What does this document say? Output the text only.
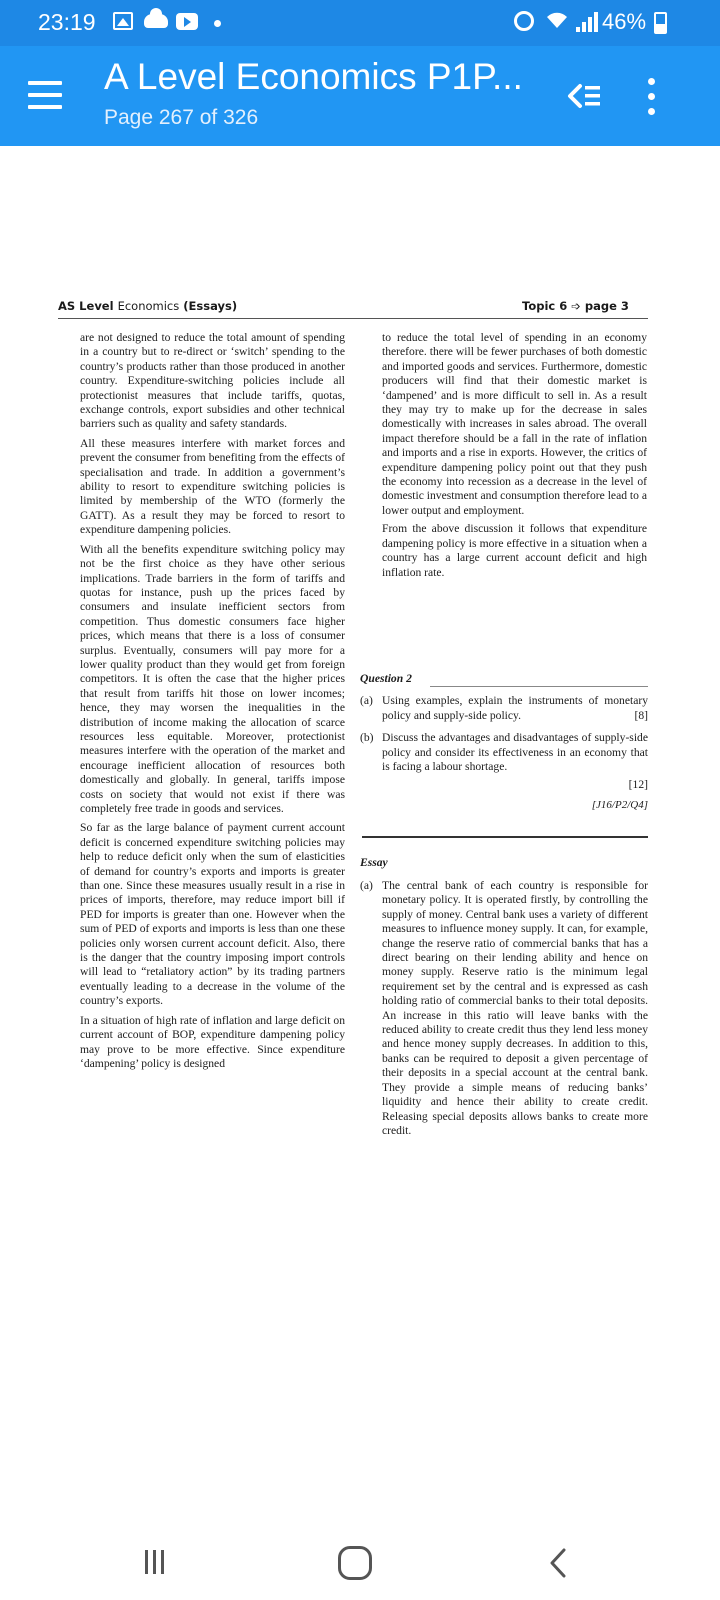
23:19	46%
A Level Economics P1P...
Page 267 of 326
AS Level Economics (Essays)	Topic 6 ➩ page 3

are not designed to reduce the total amount of spending in a country but to re-direct or ‘switch’ spending to the country’s products rather than those produced in another country. Expenditure-switching policies include all protectionist measures that include tariffs, quotas, exchange controls, export subsidies and other technical barriers such as quality and safety standards.

All these measures interfere with market forces and prevent the consumer from benefiting from the effects of specialisation and trade. In addition a government’s ability to resort to expenditure switching policies is limited by membership of the WTO (formerly the GATT). As a result they may be forced to resort to expenditure dampening policies.

With all the benefits expenditure switching policy may not be the first choice as they have other serious implications. Trade barriers in the form of tariffs and quotas for instance, push up the prices faced by consumers and insulate inefficient sectors from competition. Thus domestic consumers face higher prices, which means that there is a loss of consumer surplus. Eventually, consumers will pay more for a lower quality product than they would get from foreign competitors. It is often the case that the higher prices that result from tariffs hit those on lower incomes; hence, they may worsen the inequalities in the distribution of income making the allocation of scarce resources less equitable. Moreover, protectionist measures interfere with the operation of the market and encourage inefficient allocation of resources both domestically and globally. In general, tariffs impose costs on society that would not exist if there was completely free trade in goods and services.

So far as the large balance of payment current account deficit is concerned expenditure switching policies may help to reduce deficit only when the sum of elasticities of demand for country’s exports and imports is greater than one. Since these measures usually result in a rise in prices of imports, therefore, may reduce import bill if PED for imports is greater than one. However when the sum of PED of exports and imports is less than one these policies only worsen current account deficit. Also, there is the danger that the country imposing import controls will lead to “retaliatory action” by its trading partners eventually leading to a decrease in the volume of the country’s exports.

In a situation of high rate of inflation and large deficit on current account of BOP, expenditure dampening policy may prove to be more effective. Since expenditure ‘dampening’ policy is designed

to reduce the total level of spending in an economy therefore. there will be fewer purchases of both domestic and imported goods and services. Furthermore, domestic producers will find that their domestic market is ‘dampened’ and is more difficult to sell in. As a result they may try to make up for the decrease in sales domestically with increases in sales abroad. The overall impact therefore should be a fall in the rate of inflation and imports and a rise in exports. However, the critics of expenditure dampening policy point out that they push the economy into recession as a decrease in the level of domestic investment and consumption therefore lead to a lower output and employment.

From the above discussion it follows that expenditure dampening policy is more effective in a situation when a country has a large current account deficit and high inflation rate.

Question 2
(a) Using examples, explain the instruments of monetary policy and supply-side policy.	[8]
(b) Discuss the advantages and disadvantages of supply-side policy and consider its effectiveness in an economy that is facing a labour shortage.
[12]
[J16/P2/Q4]
Essay
(a) The central bank of each country is responsible for monetary policy. It is operated firstly, by controlling the supply of money. Central bank uses a variety of different measures to influence money supply. It can, for example, change the reserve ratio of commercial banks that has a direct bearing on their lending ability and hence on money supply. Reserve ratio is the minimum legal requirement set by the central and is expressed as cash holding ratio of commercial banks to their total deposits. An increase in this ratio will leave banks with the reduced ability to create credit thus they lend less money and hence money supply decreases. In addition to this, banks can be required to deposit a given percentage of their deposits in a special account at the central bank. They provide a simple means of reducing banks’ liquidity and hence their ability to create credit. Releasing special deposits allows banks to create more credit.
